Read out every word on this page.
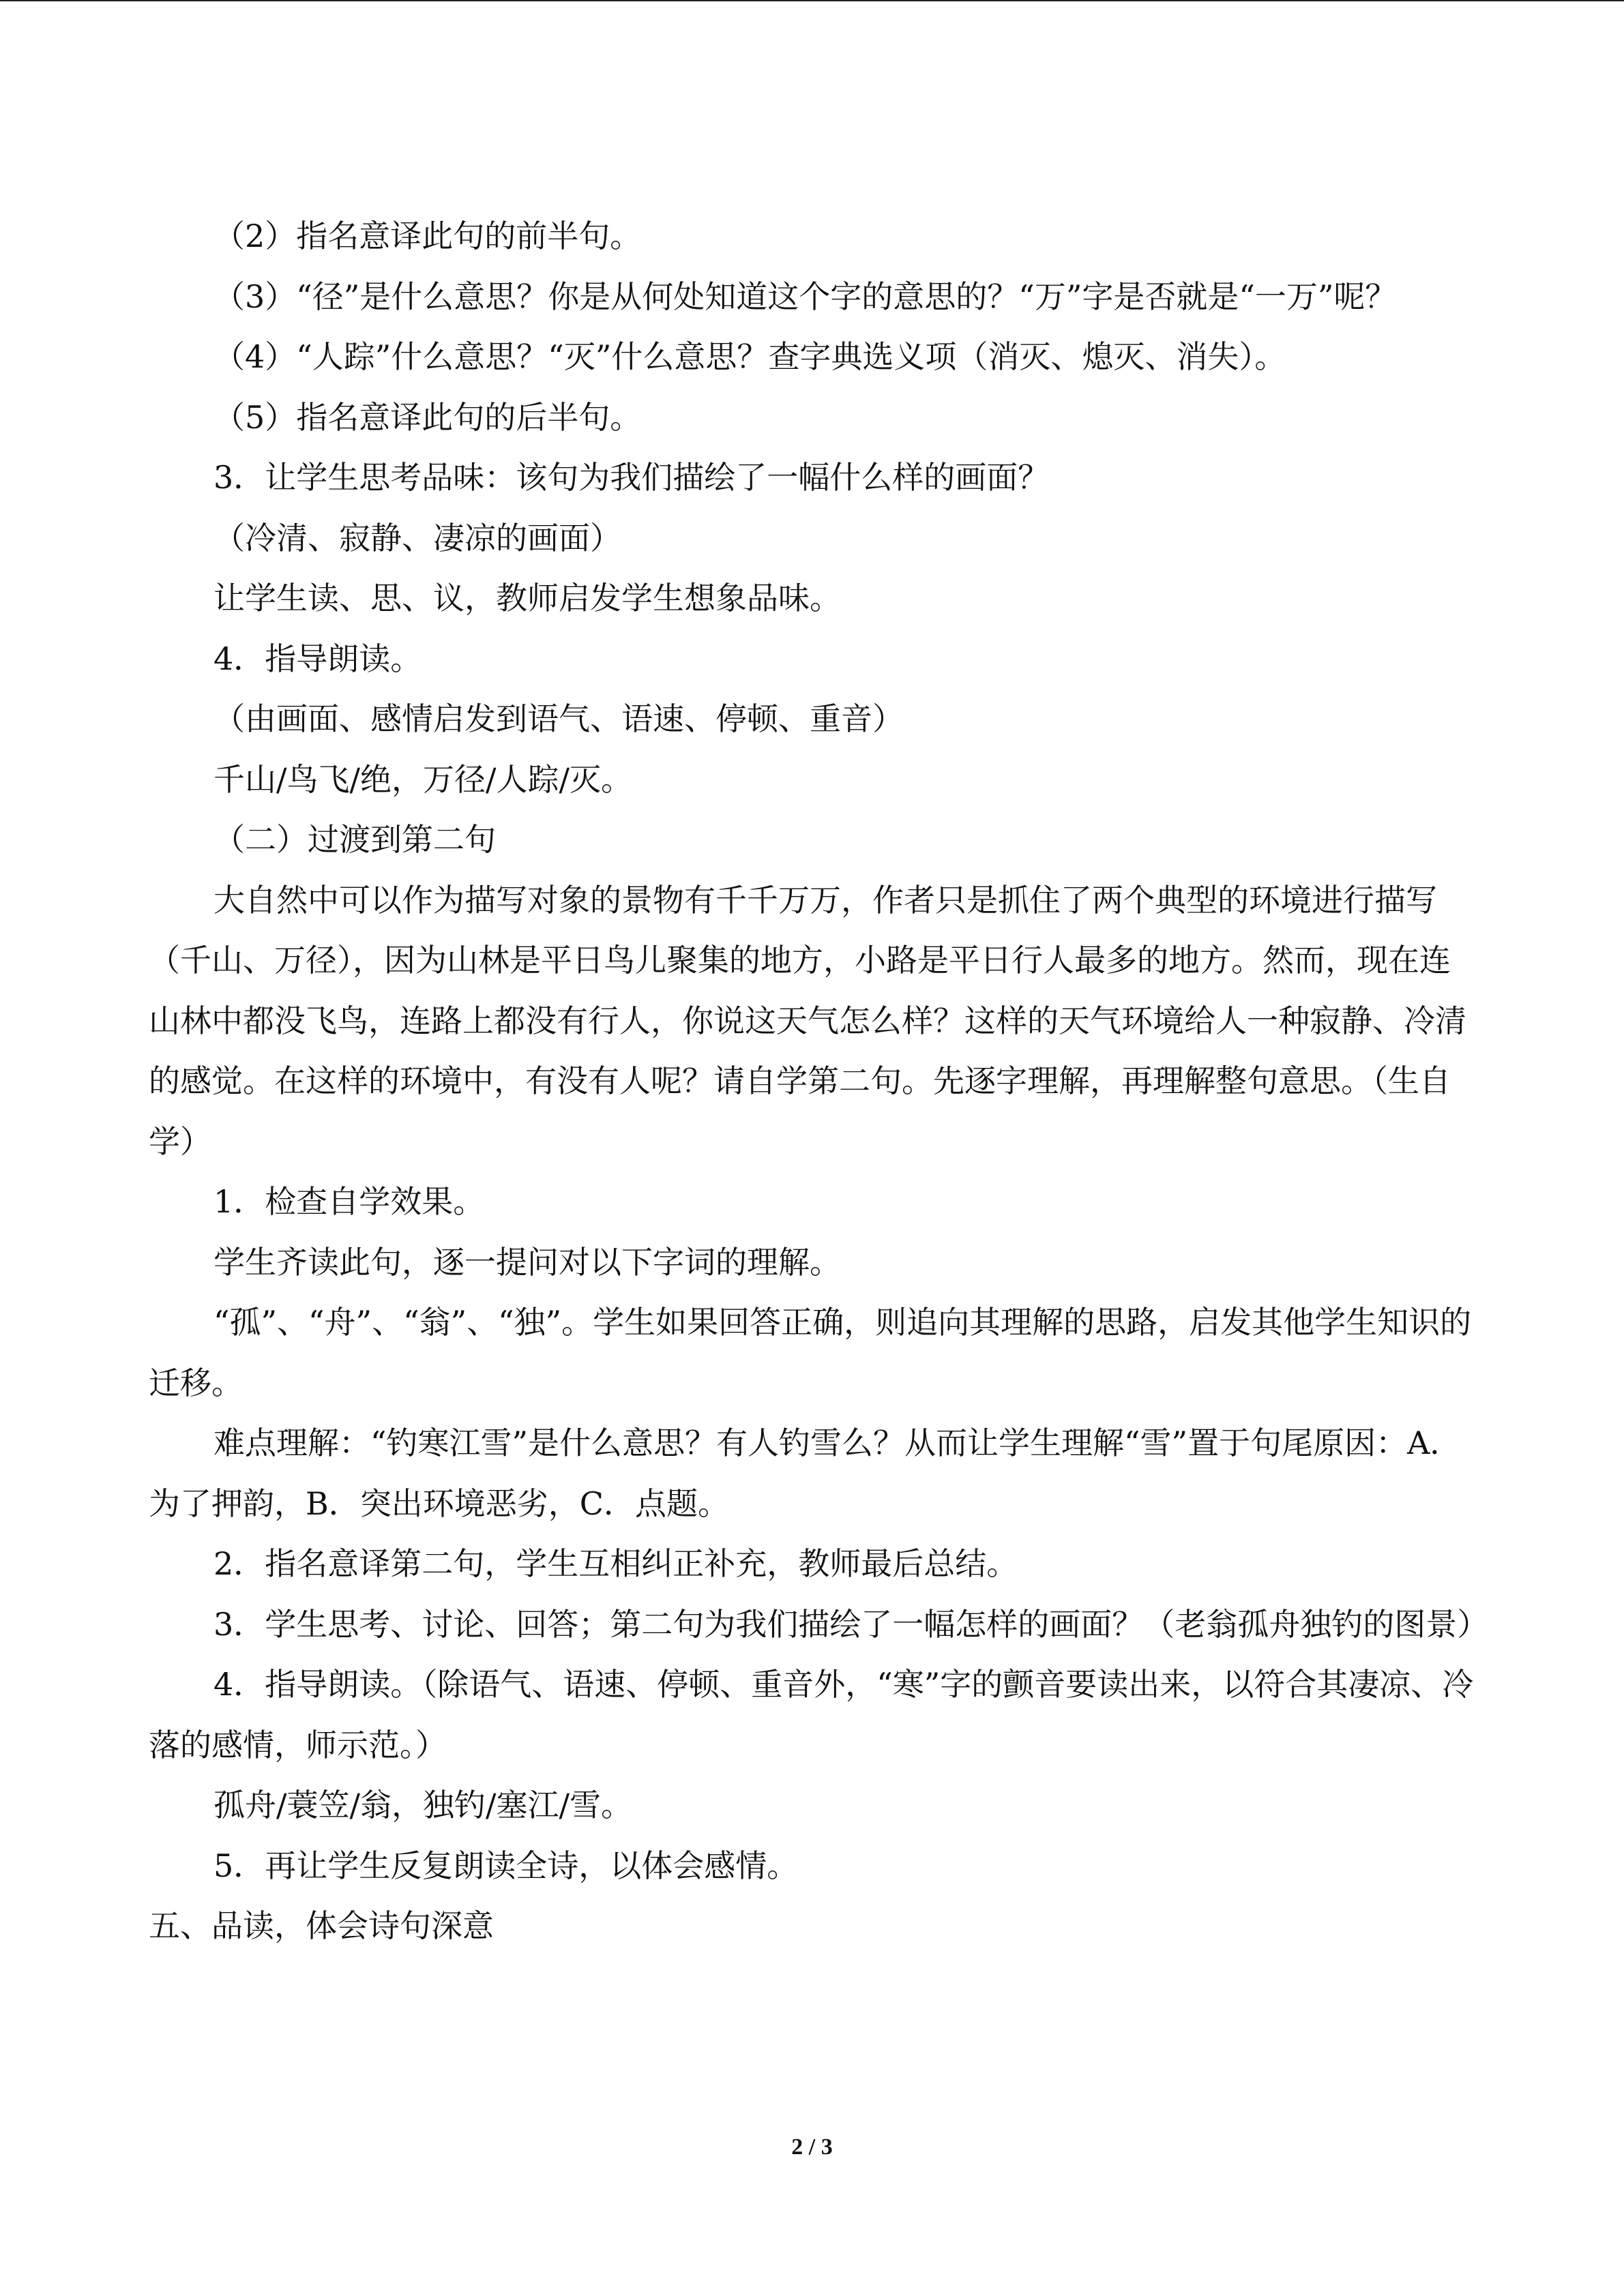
（2）指名意译此句的前半句。

（3）“径”是什么意思？你是从何处知道这个字的意思的？“万”字是否就是“一万”呢？

（4）“人踪”什么意思？“灭”什么意思？查字典选义项（消灭、熄灭、消失）。

（5）指名意译此句的后半句。

3．让学生思考品味：该句为我们描绘了一幅什么样的画面？

（冷清、寂静、凄凉的画面）

让学生读、思、议，教师启发学生想象品味。

4．指导朗读。

（由画面、感情启发到语气、语速、停顿、重音）

千山/鸟飞/绝，万径/人踪/灭。

（二）过渡到第二句

大自然中可以作为描写对象的景物有千千万万，作者只是抓住了两个典型的环境进行描写（千山、万径），因为山林是平日鸟儿聚集的地方，小路是平日行人最多的地方。然而，现在连山林中都没飞鸟，连路上都没有行人，你说这天气怎么样？这样的天气环境给人一种寂静、冷清的感觉。在这样的环境中，有没有人呢？请自学第二句。先逐字理解，再理解整句意思。（生自学）

1．检查自学效果。

学生齐读此句，逐一提问对以下字词的理解。

“孤”、“舟”、“翁”、“独”。学生如果回答正确，则追向其理解的思路，启发其他学生知识的迁移。

难点理解：“钓寒江雪”是什么意思？有人钓雪么？从而让学生理解“雪”置于句尾原因：A．为了押韵，B．突出环境恶劣，C．点题。

2．指名意译第二句，学生互相纠正补充，教师最后总结。

3．学生思考、讨论、回答；第二句为我们描绘了一幅怎样的画面？（老翁孤舟独钓的图景）

4．指导朗读。（除语气、语速、停顿、重音外，“寒”字的颤音要读出来，以符合其凄凉、冷落的感情，师示范。）

孤舟/蓑笠/翁，独钓/塞江/雪。

5．再让学生反复朗读全诗，以体会感情。

五、品读，体会诗句深意

2 / 3
